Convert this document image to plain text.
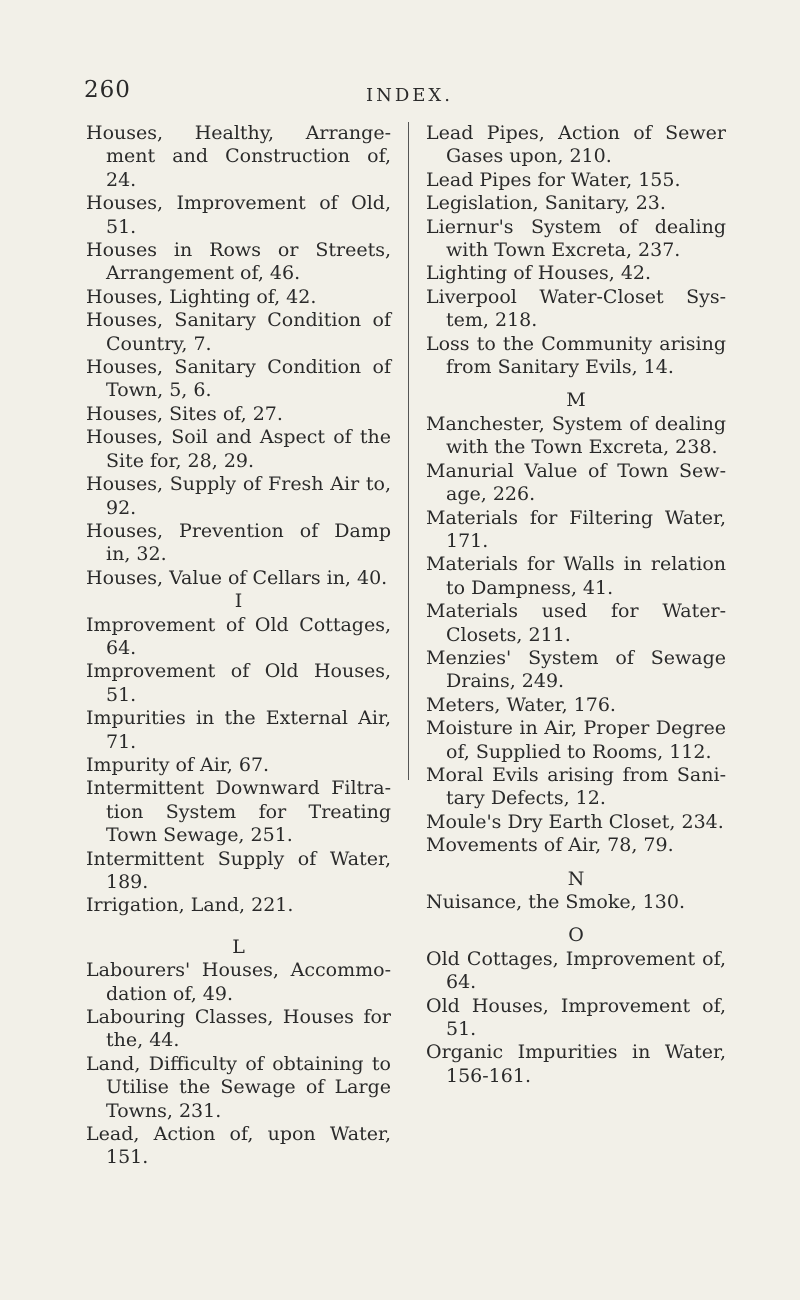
260	INDEX.
Houses, Healthy, Arrange- ment and Construction of, 24.
Houses, Improvement of Old, 51.
Houses in Rows or Streets, Arrangement of, 46.
Houses, Lighting of, 42.
Houses, Sanitary Condition of Country, 7.
Houses, Sanitary Condition of Town, 5, 6.
Houses, Sites of, 27.
Houses, Soil and Aspect of the Site for, 28, 29.
Houses, Supply of Fresh Air to, 92.
Houses, Prevention of Damp in, 32.
Houses, Value of Cellars in, 40.
I
Improvement of Old Cottages, 64.
Improvement of Old Houses, 51.
Impurities in the External Air, 71.
Impurity of Air, 67.
Intermittent Downward Filtra- tion System for Treating Town Sewage, 251.
Intermittent Supply of Water, 189.
Irrigation, Land, 221.
L
Labourers' Houses, Accommo- dation of, 49.
Labouring Classes, Houses for the, 44.
Land, Difficulty of obtaining to Utilise the Sewage of Large Towns, 231.
Lead, Action of, upon Water, 151.
Lead Pipes, Action of Sewer Gases upon, 210.
Lead Pipes for Water, 155.
Legislation, Sanitary, 23.
Liernur's System of dealing with Town Excreta, 237.
Lighting of Houses, 42.
Liverpool Water-Closet Sys- tem, 218.
Loss to the Community arising from Sanitary Evils, 14.
M
Manchester, System of dealing with the Town Excreta, 238.
Manurial Value of Town Sew- age, 226.
Materials for Filtering Water, 171.
Materials for Walls in relation to Dampness, 41.
Materials used for Water- Closets, 211.
Menzies' System of Sewage Drains, 249.
Meters, Water, 176.
Moisture in Air, Proper Degree of, Supplied to Rooms, 112.
Moral Evils arising from Sani- tary Defects, 12.
Moule's Dry Earth Closet, 234.
Movements of Air, 78, 79.
N
Nuisance, the Smoke, 130.
O
Old Cottages, Improvement of, 64.
Old Houses, Improvement of, 51.
Organic Impurities in Water, 156-161.
